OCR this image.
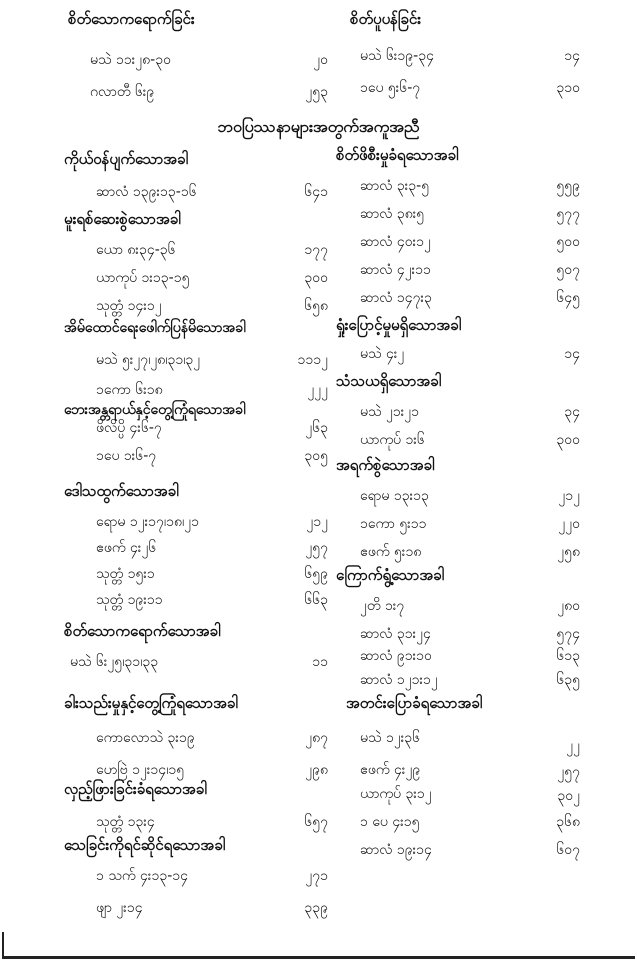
စိတ်သောကရောက်ခြင်း	စိတ်ပူပန်ခြင်း
မသဲ ၁၁း၂၈-၃၀	၂၀
ဂလာတီ ၆း၉	၂၅၃
မသဲ ၆း၁၉-၃၄	၁၄
၁ပေ ၅း၆-၇	၃၁၀
ဘဝပြဿနာများအတွက်အကူအညီ
ကိုယ်ဝန်ပျက်သောအခါ
ဆာလံ ၁၃၉း၁၃-၁၆	၆၄၁
မူးရစ်ဆေးစွဲသောအခါ
ယော ၈း၃၄-၃၆	၁၇၇
ယာကုပ် ၁း၁၃-၁၅	၃၀၀
သုတ္တံ ၁၄း၁၂	၆၅၈
အိမ်ထောင်ရေးဖေါက်ပြန်မိသောအခါ
မသဲ ၅း၂၇၊၂၈၊၃၁၊၃၂	၁၁၁၂
၁ကော ၆း၁၈	၂၂၂
ဘေးအန္တရာယ်နှင့်တွေ့ကြုံရသောအခါ
ဖိလိပ္ပိ ၄း၆-၇	၂၆၃
၁ပေ ၁း၆-၇	၃၀၅
ဒေါသထွက်သောအခါ
ရောမ ၁၂း၁၇၊၁၈၊၂၁	၂၁၂
ဧဖက် ၄း၂၆	၂၅၇
သုတ္တံ ၁၅း၁	၆၅၉
သုတ္တံ ၁၉း၁၁	၆၆၃
စိတ်သောကရောက်သောအခါ
မသဲ ၆း၂၅၊၃၁၊၃၃	၁၁
ခါးသည်းမှုနှင့်တွေ့ကြုံရသောအခါ
ကောလောသဲ ၃း၁၉	၂၈၇
ဟေဗြဲ ၁၂း၁၄၊၁၅	၂၉၈
လှည့်ဖြားခြင်းခံရသောအခါ
သုတ္တံ ၁၃း၄	၆၅၇
သေခြင်းကိုရင်ဆိုင်ရသောအခါ
၁ သက် ၄း၁၃-၁၄	၂၇၁
ဖျာ ၂း၁၄	၃၃၉
စိတ်ဖိစီးမှုခံရသောအခါ
ဆာလံ ၃း၃-၅	၅၅၉
ဆာလံ ၃၈း၅	၅၇၇
ဆာလံ ၄၀း၁၂	၅၀၀
ဆာလံ ၄၂း၁၁	၅၀၇
ဆာလံ ၁၄၇း၃	၆၄၅
ရှုံးပြောင့်မှုမရှိသောအခါ
မသဲ ၄း၂	၁၄
သံသယရှိသောအခါ
မသဲ ၂၁း၂၁	၃၄
ယာကုပ် ၁း၆	၃၀၀
အရက်စွဲသောအခါ
ရောမ ၁၃း၁၃	၂၁၂
၁ကော ၅း၁၁	၂၂၀
ဧဖက် ၅း၁၈	၂၅၈
ကြောက်ရွံ့သောအခါ
၂တိ ၁း၇	၂၈၀
ဆာလံ ၃၁း၂၄	၅၇၄
ဆာလံ ၉၁း၁၀	၆၁၃
ဆာလံ ၁၂၁း၁၂	၆၃၅
အတင်းပြောခံရသောအခါ
မသဲ ၁၂း၃၆	၂၂
ဧဖက် ၄း၂၉	၂၅၇
ယာကုပ် ၃း၁၂	၃၀၂
၁ ပေ ၄း၁၅	၃၆၈
ဆာလံ ၁၉း၁၄	၆၀၇
